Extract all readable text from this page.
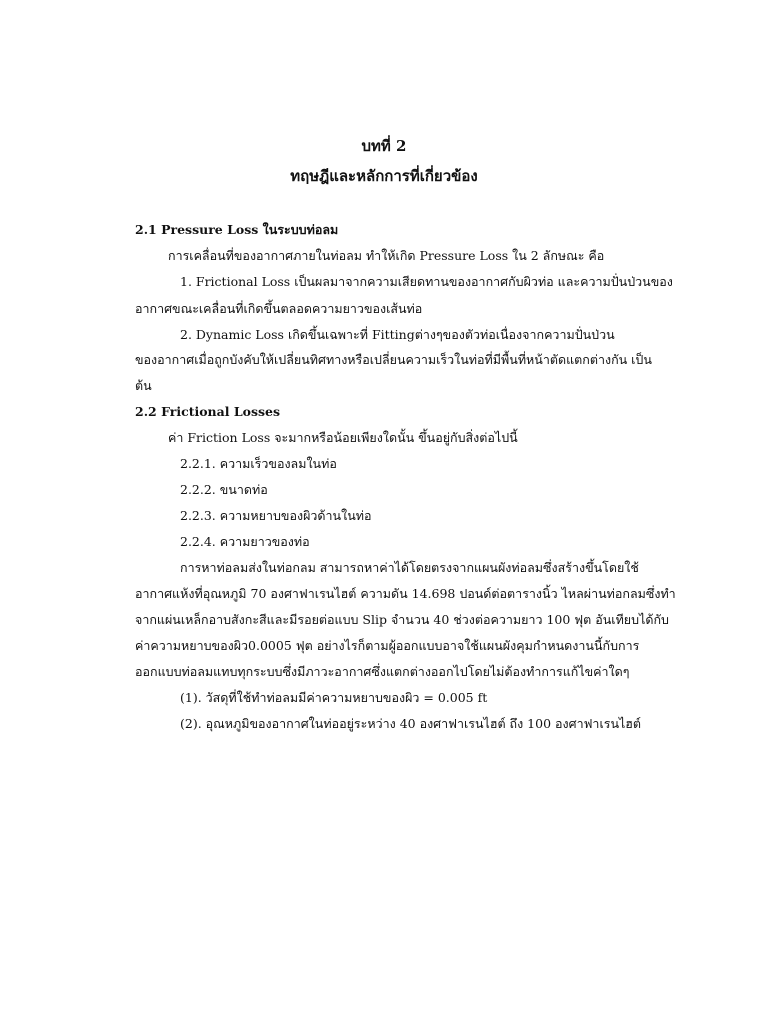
บทที่ 2
ทฤษฎีและหลักการที่เกี่ยวข้อง
2.1 Pressure Loss ในระบบท่อลม
การเคลื่อนที่ของอากาศภายในท่อลม ทำให้เกิด Pressure Loss ใน 2 ลักษณะ คือ
1. Frictional Loss เป็นผลมาจากความเสียดทานของอากาศกับผิวท่อ และความปั่นป่วนของ
อากาศขณะเคลื่อนที่เกิดขึ้นตลอดความยาวของเส้นท่อ
2. Dynamic Loss เกิดขึ้นเฉพาะที่ Fittingต่างๆของตัวท่อเนื่องจากความปั่นป่วน
ของอากาศเมื่อถูกบังคับให้เปลี่ยนทิศทางหรือเปลี่ยนความเร็วในท่อที่มีพื้นที่หน้าตัดแตกต่างกัน เป็น
ต้น
2.2 Frictional Losses
ค่า Friction Loss จะมากหรือน้อยเพียงใดนั้น ขึ้นอยู่กับสิ่งต่อไปนี้
2.2.1. ความเร็วของลมในท่อ
2.2.2. ขนาดท่อ
2.2.3. ความหยาบของผิวด้านในท่อ
2.2.4. ความยาวของท่อ
การหาท่อลมส่งในท่อกลม สามารถหาค่าได้โดยตรงจากแผนผังท่อลมซึ่งสร้างขึ้นโดยใช้
อากาศแห้งที่อุณหภูมิ 70 องศาฟาเรนไฮต์ ความดัน 14.698 ปอนด์ต่อตารางนิ้ว ไหลผ่านท่อกลมซึ่งทำ
จากแผ่นเหล็กอาบสังกะสีและมีรอยต่อแบบ Slip จำนวน 40 ช่วงต่อความยาว 100 ฟุต อันเทียบได้กับ
ค่าความหยาบของผิว0.0005 ฟุต อย่างไรก็ตามผู้ออกแบบอาจใช้แผนผังคุมกำหนดงานนี้กับการ
ออกแบบท่อลมแทบทุกระบบซึ่งมีภาวะอากาศซึ่งแตกต่างออกไปโดยไม่ต้องทำการแก้ไขค่าใดๆ
(1). วัสดุที่ใช้ทำท่อลมมีค่าความหยาบของผิว = 0.005 ft
(2). อุณหภูมิของอากาศในท่ออยู่ระหว่าง 40 องศาฟาเรนไฮต์ ถึง 100 องศาฟาเรนไฮต์
